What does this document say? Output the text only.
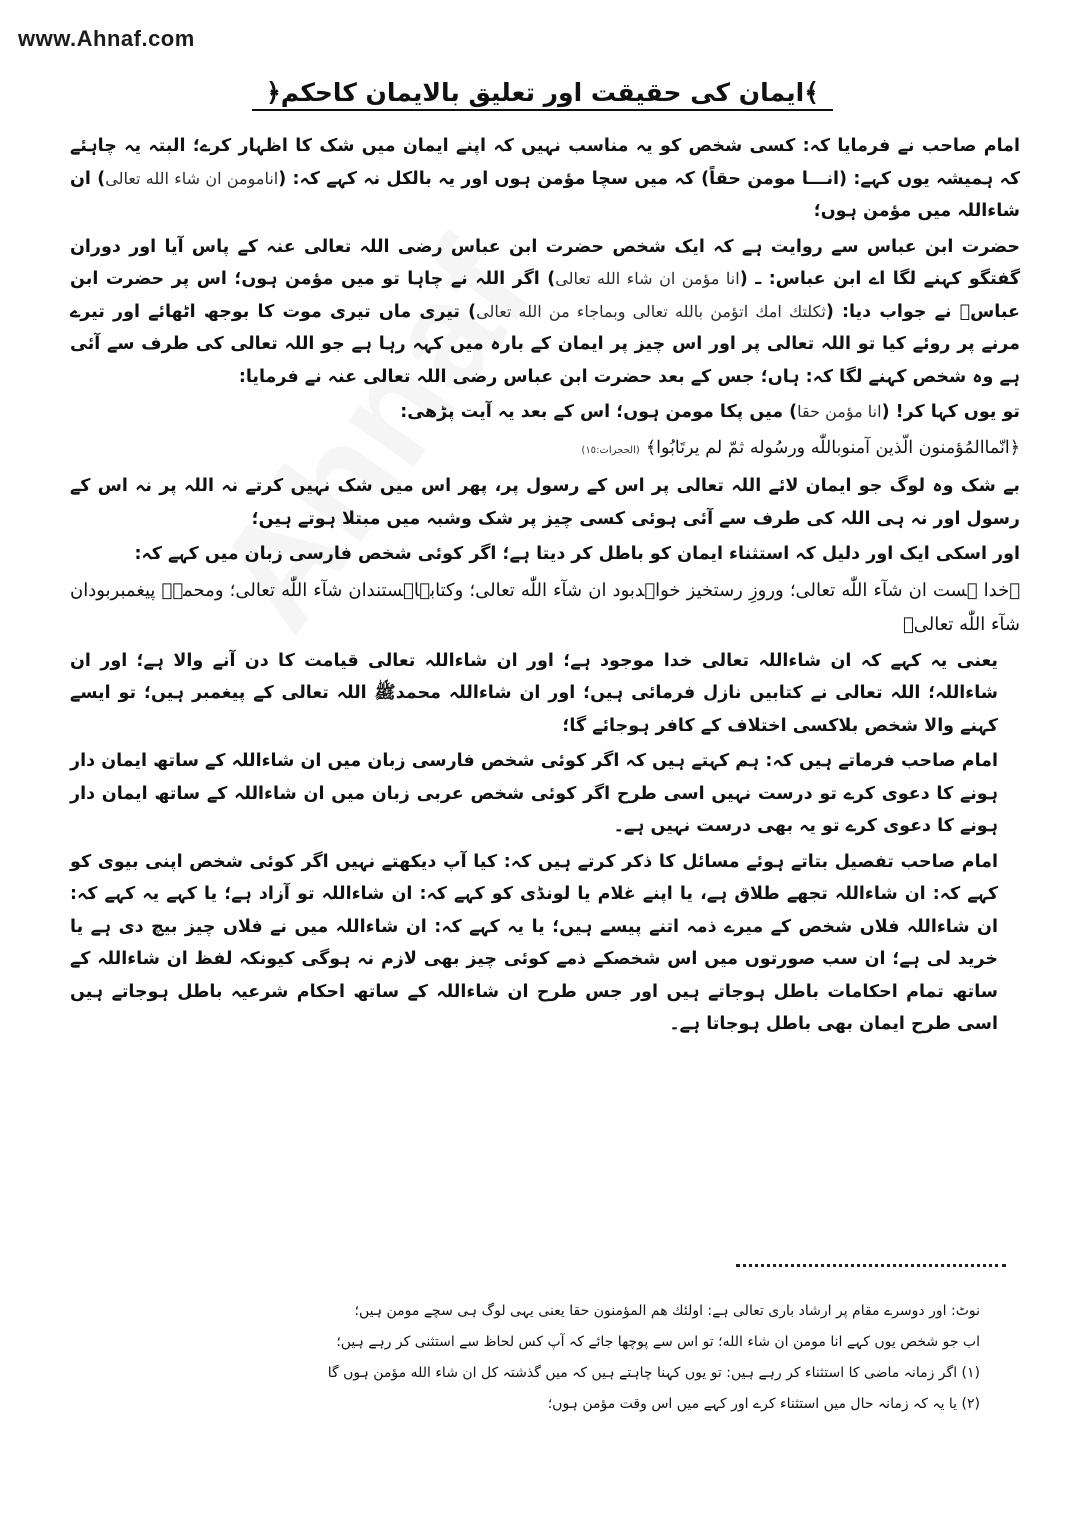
www.Ahnaf.com
﴿ایمان کی حقیقت اور تعلیق بالایمان کاحکم﴾

امام صاحب نے فرمایا کہ: کسی شخص کو یہ مناسب نہیں کہ اپنے ایمان میں شک کا اظہار کرے؛ البتہ یہ چاہئے کہ ہمیشہ یوں کہے: (انـــا مومن حقاً) کہ میں سچا مؤمن ہوں اور یہ بالکل نہ کہے کہ: (انامومن ان شاء الله تعالى) ان شاءاللہ میں مؤمن ہوں؛

حضرت ابن عباس سے روایت ہے کہ ایک شخص حضرت ابن عباس رضی اللہ تعالی عنہ کے پاس آیا اور دوران گفتگو کہنے لگا اے ابن عباس: ـ (انا مؤمن ان شاء الله تعالى) اگر اللہ نے چاہا تو میں مؤمن ہوں؛ اس پر حضرت ابن عباسؓ نے جواب دیا: (ثكلتك امك اتؤمن بالله تعالى وبماجاء من الله تعالى) تیری ماں تیری موت کا بوجھ اٹھائے اور تیرے مرنے پر روئے کیا تو اللہ تعالی پر اور اس چیز پر ایمان کے بارہ میں کہہ رہا ہے جو اللہ تعالی کی طرف سے آئی ہے وہ شخص کہنے لگا کہ: ہاں؛ جس کے بعد حضرت ابن عباس رضی اللہ تعالی عنہ نے فرمایا:

تو یوں کہا کر! (انا مؤمن حقا) میں پکا مومن ہوں؛ اس کے بعد یہ آیت پڑھی:

﴿انّماالمُؤمنون الّذین آمنوباللّٰه ورسُوله ثمّ لم یرتَابُوا﴾ (الحجرات:١٥)

بے شک وہ لوگ جو ایمان لائے اللہ تعالی پر اس کے رسول پر، پھر اس میں شک نہیں کرتے نہ اللہ پر نہ اس کے رسول اور نہ ہی اللہ کی طرف سے آئی ہوئی کسی چیز پر شک وشبہ میں مبتلا ہوتے ہیں؛

اور اسکی ایک اور دلیل کہ استثناء ایمان کو باطل کر دیتا ہے؛ اگر کوئی شخص فارسی زبان میں کہے کہ:

﴿خدا ہست ان شآء اللّٰه تعالی؛ وروزِ رستخیز خواہدبود ان شآء اللّٰه تعالی؛ وکتابہاہستندان شآء اللّٰه تعالی؛ ومحمدؐ پیغمبربودان شآء اللّٰه تعالی﴾

یعنی یہ کہے کہ ان شاءاللہ تعالی خدا موجود ہے؛ اور ان شاءاللہ تعالی قیامت کا دن آنے والا ہے؛ اور ان شاءاللہ؛ اللہ تعالی نے کتابیں نازل فرمائی ہیں؛ اور ان شاءاللہ محمدﷺ اللہ تعالی کے پیغمبر ہیں؛ تو ایسے کہنے والا شخص بلاکسی اختلاف کے کافر ہوجائے گا؛

امام صاحب فرماتے ہیں کہ: ہم کہتے ہیں کہ اگر کوئی شخص فارسی زبان میں ان شاءاللہ کے ساتھ ایمان دار ہونے کا دعوی کرے تو درست نہیں اسی طرح اگر کوئی شخص عربی زبان میں ان شاءاللہ کے ساتھ ایمان دار ہونے کا دعوی کرے تو یہ بھی درست نہیں ہے۔

امام صاحب تفصیل بتاتے ہوئے مسائل کا ذکر کرتے ہیں کہ: کیا آپ دیکھتے نہیں اگر کوئی شخص اپنی بیوی کو کہے کہ: ان شاءاللہ تجھے طلاق ہے، یا اپنے غلام یا لونڈی کو کہے کہ: ان شاءاللہ تو آزاد ہے؛ یا کہے یہ کہے کہ: ان شاءاللہ فلاں شخص کے میرے ذمہ اتنے پیسے ہیں؛ یا یہ کہے کہ: ان شاءاللہ میں نے فلاں چیز بیچ دی ہے یا خرید لی ہے؛ ان سب صورتوں میں اس شخصکے ذمے کوئی چیز بھی لازم نہ ہوگی کیونکہ لفظ ان شاءاللہ کے ساتھ تمام احکامات باطل ہوجاتے ہیں اور جس طرح ان شاءاللہ کے ساتھ احکام شرعیہ باطل ہوجاتے ہیں اسی طرح ایمان بھی باطل ہوجاتا ہے۔

نوٹ: اور دوسرے مقام پر ارشاد باری تعالی ہے: اولئك هم المؤمنون حقا یعنی یہی لوگ ہی سچے مومن ہیں؛

اب جو شخص یوں کہے انا مومن ان شاء الله؛ تو اس سے پوچھا جائے کہ آپ کس لحاظ سے استثنی کر رہے ہیں؛

(۱) اگر زمانہ ماضی کا استثناء کر رہے ہیں: تو یوں کہنا چاہتے ہیں کہ میں گذشتہ کل ان شاء الله مؤمن ہوں گا

(۲) یا یہ کہ زمانہ حال میں استثناء کرے اور کہے میں اس وقت مؤمن ہوں؛
